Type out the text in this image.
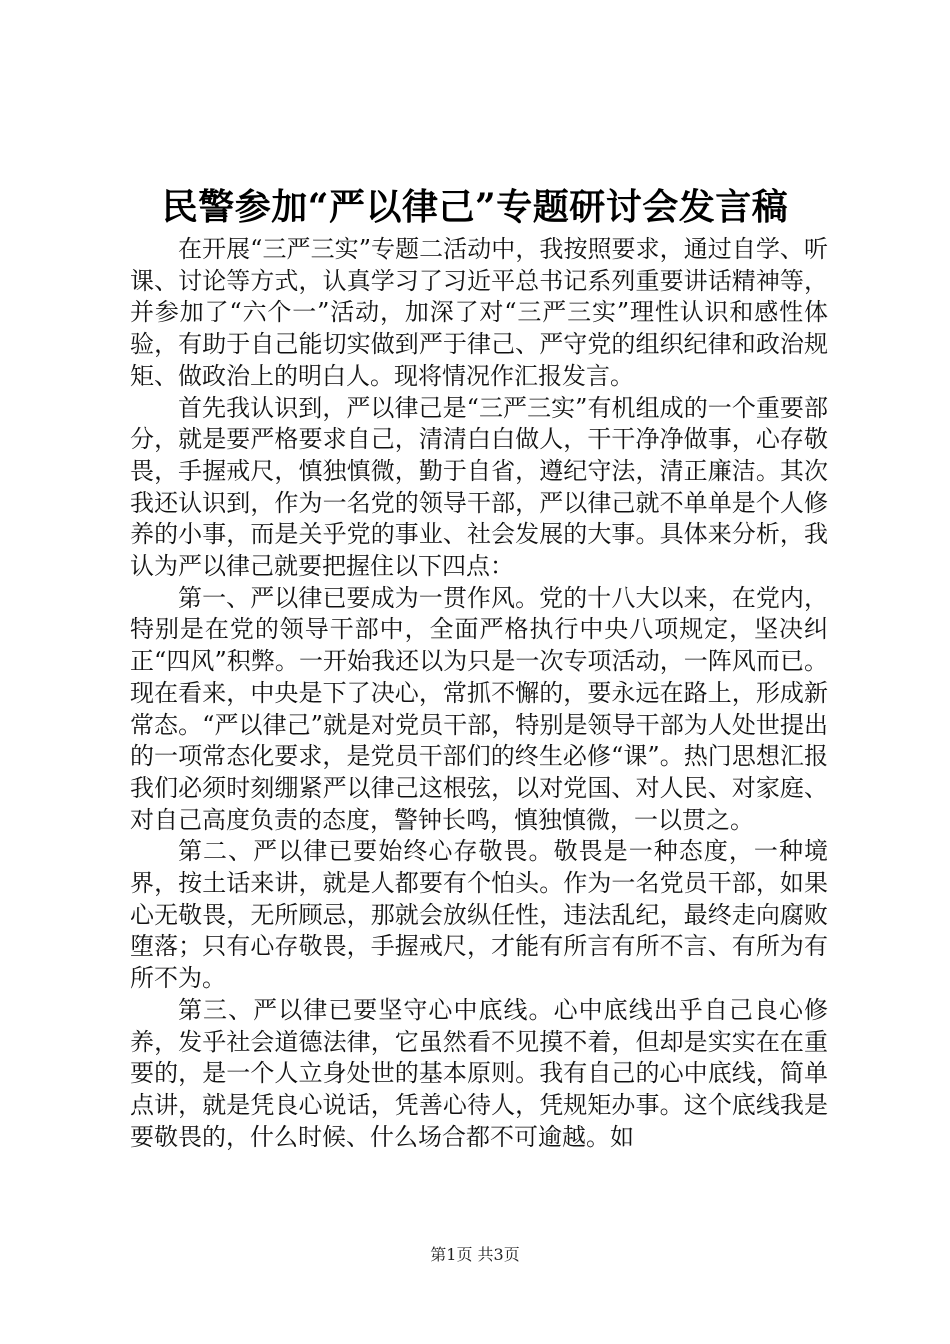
民警参加“严以律己”专题研讨会发言稿

在开展“三严三实”专题二活动中，我按照要求，通过自学、听课、讨论等方式，认真学习了习近平总书记系列重要讲话精神等，并参加了“六个一”活动，加深了对“三严三实”理性认识和感性体验，有助于自己能切实做到严于律己、严守党的组织纪律和政治规矩、做政治上的明白人。现将情况作汇报发言。

首先我认识到，严以律己是“三严三实”有机组成的一个重要部分，就是要严格要求自己，清清白白做人，干干净净做事，心存敬畏，手握戒尺，慎独慎微，勤于自省，遵纪守法，清正廉洁。其次我还认识到，作为一名党的领导干部，严以律己就不单单是个人修养的小事，而是关乎党的事业、社会发展的大事。具体来分析，我认为严以律己就要把握住以下四点：

第一、严以律已要成为一贯作风。党的十八大以来，在党内，特别是在党的领导干部中，全面严格执行中央八项规定，坚决纠正“四风”积弊。一开始我还以为只是一次专项活动，一阵风而已。现在看来，中央是下了决心，常抓不懈的，要永远在路上，形成新常态。“严以律己”就是对党员干部，特别是领导干部为人处世提出的一项常态化要求，是党员干部们的终生必修“课”。热门思想汇报我们必须时刻绷紧严以律己这根弦，以对党国、对人民、对家庭、对自己高度负责的态度，警钟长鸣，慎独慎微，一以贯之。

第二、严以律已要始终心存敬畏。敬畏是一种态度，一种境界，按土话来讲，就是人都要有个怕头。作为一名党员干部，如果心无敬畏，无所顾忌，那就会放纵任性，违法乱纪，最终走向腐败堕落；只有心存敬畏，手握戒尺，才能有所言有所不言、有所为有所不为。

第三、严以律已要坚守心中底线。心中底线出乎自己良心修养，发乎社会道德法律，它虽然看不见摸不着，但却是实实在在重要的，是一个人立身处世的基本原则。我有自己的心中底线，简单点讲，就是凭良心说话，凭善心待人，凭规矩办事。这个底线我是要敬畏的，什么时候、什么场合都不可逾越。如

第1页 共3页
